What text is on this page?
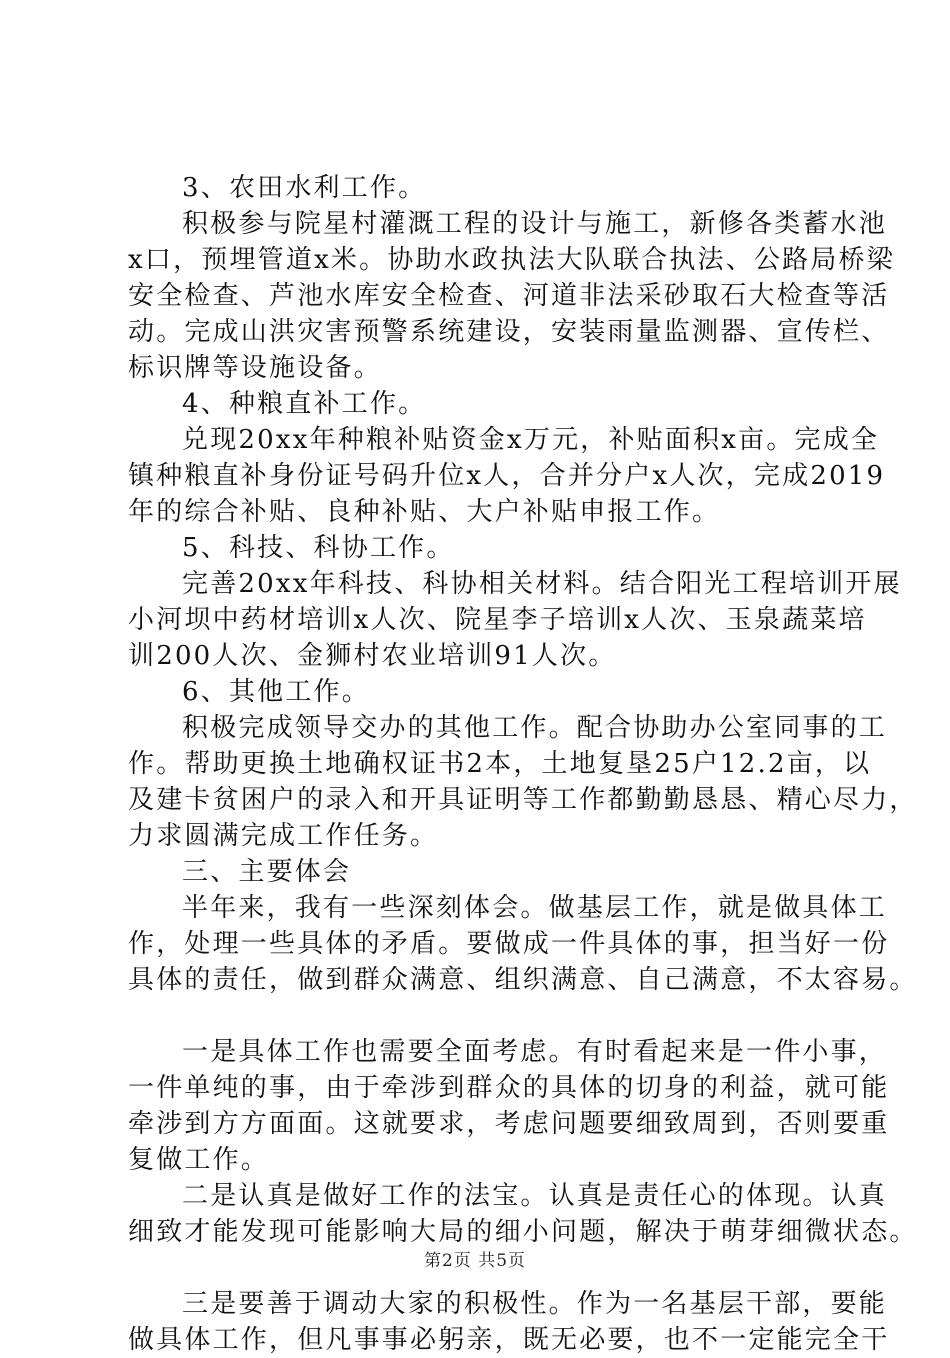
3、农田水利工作。
积极参与院星村灌溉工程的设计与施工，新修各类蓄水池
x口，预埋管道x米。协助水政执法大队联合执法、公路局桥梁
安全检查、芦池水库安全检查、河道非法采砂取石大检查等活
动。完成山洪灾害预警系统建设，安装雨量监测器、宣传栏、
标识牌等设施设备。
4、种粮直补工作。
兑现20xx年种粮补贴资金x万元，补贴面积x亩。完成全
镇种粮直补身份证号码升位x人，合并分户x人次，完成2019
年的综合补贴、良种补贴、大户补贴申报工作。
5、科技、科协工作。
完善20xx年科技、科协相关材料。结合阳光工程培训开展
小河坝中药材培训x人次、院星李子培训x人次、玉泉蔬菜培
训200人次、金狮村农业培训91人次。
6、其他工作。
积极完成领导交办的其他工作。配合协助办公室同事的工
作。帮助更换土地确权证书2本，土地复垦25户12.2亩，以
及建卡贫困户的录入和开具证明等工作都勤勤恳恳、精心尽力，
力求圆满完成工作任务。
三、主要体会
半年来，我有一些深刻体会。做基层工作，就是做具体工
作，处理一些具体的矛盾。要做成一件具体的事，担当好一份
具体的责任，做到群众满意、组织满意、自己满意，不太容易。
一是具体工作也需要全面考虑。有时看起来是一件小事，
一件单纯的事，由于牵涉到群众的具体的切身的利益，就可能
牵涉到方方面面。这就要求，考虑问题要细致周到，否则要重
复做工作。
二是认真是做好工作的法宝。认真是责任心的体现。认真
细致才能发现可能影响大局的细小问题，解决于萌芽细微状态。
三是要善于调动大家的积极性。作为一名基层干部，要能
做具体工作，但凡事事必躬亲，既无必要，也不一定能完全干
第2页 共5页
